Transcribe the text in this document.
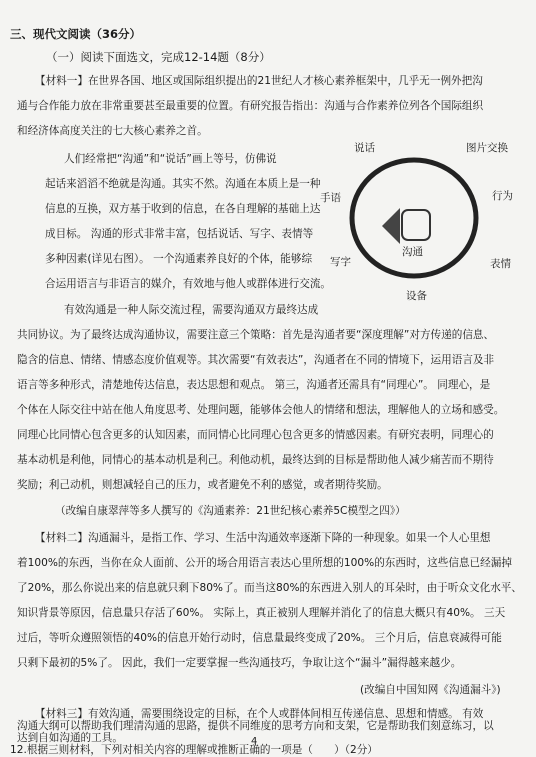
三、现代文阅读（36分）
（一）阅读下面选文，完成12-14题（8分）
【材料一】在世界各国、地区或国际组织提出的21世纪人才核心素养框架中，几乎无一例外把沟
通与合作能力放在非常重要甚至最重要的位置。有研究报告指出：沟通与合作素养位列各个国际组织
和经济体高度关注的七大核心素养之首。
人们经常把“沟通”和“说话”画上等号，仿佛说
起话来滔滔不绝就是沟通。其实不然。沟通在本质上是一种
信息的互换，双方基于收到的信息，在各自理解的基础上达
成目标。 沟通的形式非常丰富，包括说话、写字、表情等
多种因素(详见右图）。 一个沟通素养良好的个体，能够综
合运用语言与非语言的媒介，有效地与他人或群体进行交流。
说话	图片交换
行为
表情
设备
写字
手语
沟通
有效沟通是一种人际交流过程，需要沟通双方最终达成
共同协议。为了最终达成沟通协议，需要注意三个策略：首先是沟通者要“深度理解”对方传递的信息、
隐含的信息、情绪、情感态度价值观等。其次需要“有效表达”，沟通者在不同的情境下，运用语言及非
语言等多种形式，清楚地传达信息，表达思想和观点。 第三，沟通者还需具有“同理心”。 同理心，是
个体在人际交往中站在他人角度思考、处理问题，能够体会他人的情绪和想法，理解他人的立场和感受。
同理心比同情心包含更多的认知因素，而同情心比同理心包含更多的情感因素。有研究表明，同理心的
基本动机是利他，同情心的基本动机是利己。利他动机，最终达到的目标是帮助他人减少痛苦而不期待
奖励；利己动机，则想减轻自己的压力，或者避免不利的感觉，或者期待奖励。
（改编自康翠萍等多人撰写的《沟通素养：21世纪核心素养5C模型之四》）
【材料二】沟通漏斗，是指工作、学习、生活中沟通效率逐渐下降的一种现象。如果一个人心里想
着100%的东西，当你在众人面前、公开的场合用语言表达心里所想的100%的东西时，这些信息已经漏掉
了20%，那么你说出来的信息就只剩下80%了。而当这80%的东西进入别人的耳朵时，由于听众文化水平、
知识背景等原因，信息量只存活了60%。 实际上，真正被别人理解并消化了的信息大概只有40%。 三天
过后，等听众遵照领悟的40%的信息开始行动时，信息量最终变成了20%。 三个月后，信息衰减得可能
只剩下最初的5%了。 因此，我们一定要掌握一些沟通技巧，争取让这个“漏斗”漏得越来越少。
(改编自中国知网《沟通漏斗》)
【材料三】有效沟通，需要围绕设定的目标，在个人或群体间相互传递信息、思想和情感。 有效
沟通大纲可以帮助我们理清沟通的思路，提供不同维度的思考方向和支架，它是帮助我们刻意练习，以
达到自如沟通的工具。
12.根据三则材料，下列对相关内容的理解或推断正确的一项是（　　）（2分）
4
